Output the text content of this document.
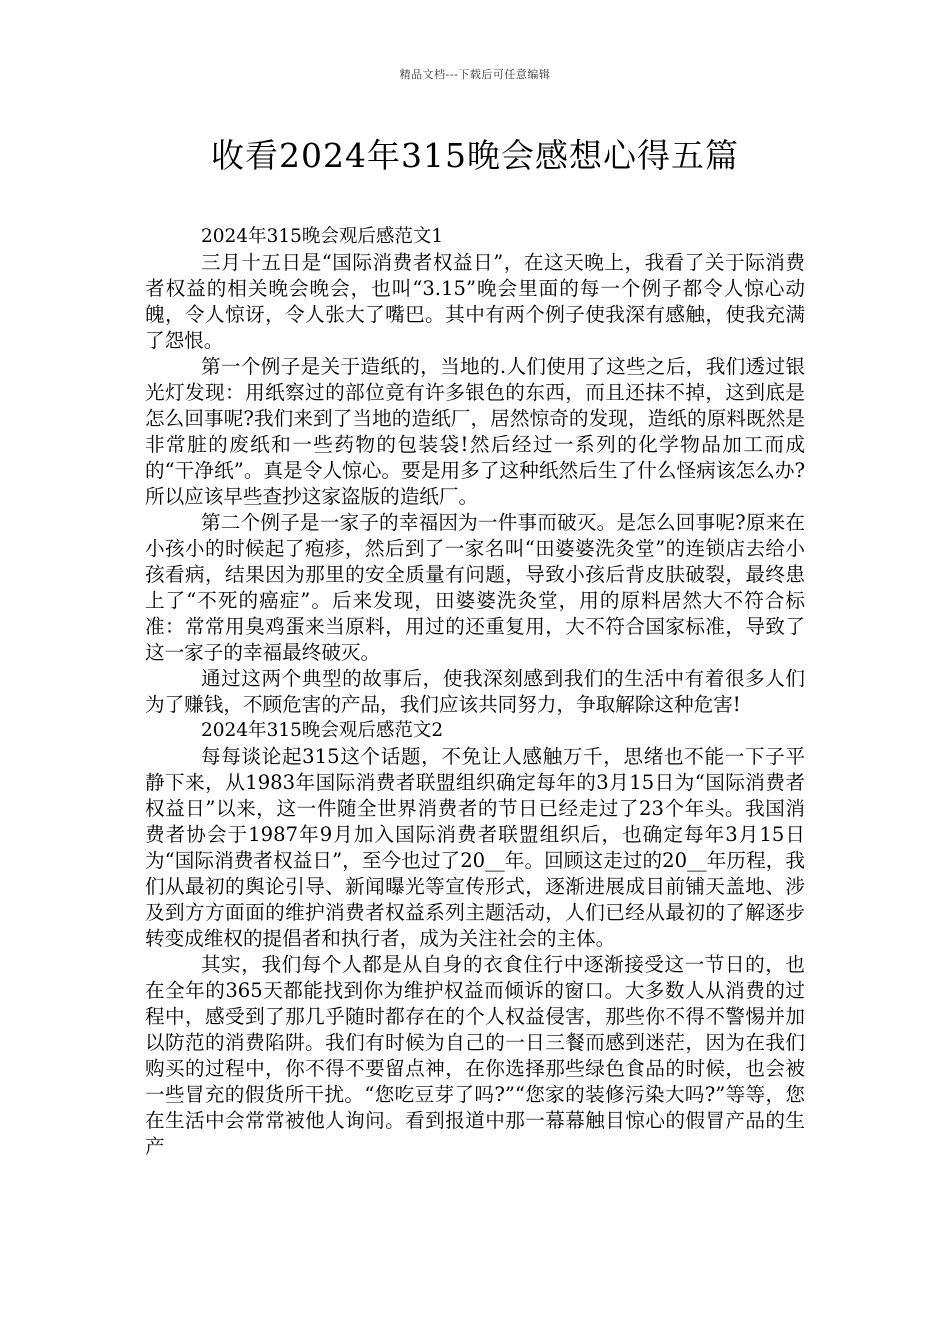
精品文档---下载后可任意编辑
收看2024年315晚会感想心得五篇

2024年315晚会观后感范文1

三月十五日是“国际消费者权益日”，在这天晚上，我看了关于际消费者权益的相关晚会晚会，也叫“3.15”晚会里面的每一个例子都令人惊心动魄，令人惊讶，令人张大了嘴巴。其中有两个例子使我深有感触，使我充满了怨恨。

第一个例子是关于造纸的，当地的.人们使用了这些之后，我们透过银光灯发现：用纸察过的部位竟有许多银色的东西，而且还抹不掉，这到底是怎么回事呢?我们来到了当地的造纸厂，居然惊奇的发现，造纸的原料既然是非常脏的废纸和一些药物的包装袋!然后经过一系列的化学物品加工而成的“干净纸”。真是令人惊心。要是用多了这种纸然后生了什么怪病该怎么办?所以应该早些查抄这家盗版的造纸厂。

第二个例子是一家子的幸福因为一件事而破灭。是怎么回事呢?原来在小孩小的时候起了疱疹，然后到了一家名叫“田婆婆洗灸堂”的连锁店去给小孩看病，结果因为那里的安全质量有问题，导致小孩后背皮肤破裂，最终患上了“不死的癌症”。后来发现，田婆婆洗灸堂，用的原料居然大不符合标准：常常用臭鸡蛋来当原料，用过的还重复用，大不符合国家标准，导致了这一家子的幸福最终破灭。

通过这两个典型的故事后，使我深刻感到我们的生活中有着很多人们为了赚钱，不顾危害的产品，我们应该共同努力，争取解除这种危害!

2024年315晚会观后感范文2

每每谈论起315这个话题，不免让人感触万千，思绪也不能一下子平静下来，从1983年国际消费者联盟组织确定每年的3月15日为“国际消费者权益日”以来，这一件随全世界消费者的节日已经走过了23个年头。我国消费者协会于1987年9月加入国际消费者联盟组织后，也确定每年3月15日为“国际消费者权益日”，至今也过了20__年。回顾这走过的20__年历程，我们从最初的舆论引导、新闻曝光等宣传形式，逐渐进展成目前铺天盖地、涉及到方方面面的维护消费者权益系列主题活动，人们已经从最初的了解逐步转变成维权的提倡者和执行者，成为关注社会的主体。

其实，我们每个人都是从自身的衣食住行中逐渐接受这一节日的，也在全年的365天都能找到你为维护权益而倾诉的窗口。大多数人从消费的过程中，感受到了那几乎随时都存在的个人权益侵害，那些你不得不警惕并加以防范的消费陷阱。我们有时候为自己的一日三餐而感到迷茫，因为在我们购买的过程中，你不得不要留点神，在你选择那些绿色食品的时候，也会被一些冒充的假货所干扰。“您吃豆芽了吗?”“您家的装修污染大吗?”等等，您在生活中会常常被他人询问。看到报道中那一幕幕触目惊心的假冒产品的生产
